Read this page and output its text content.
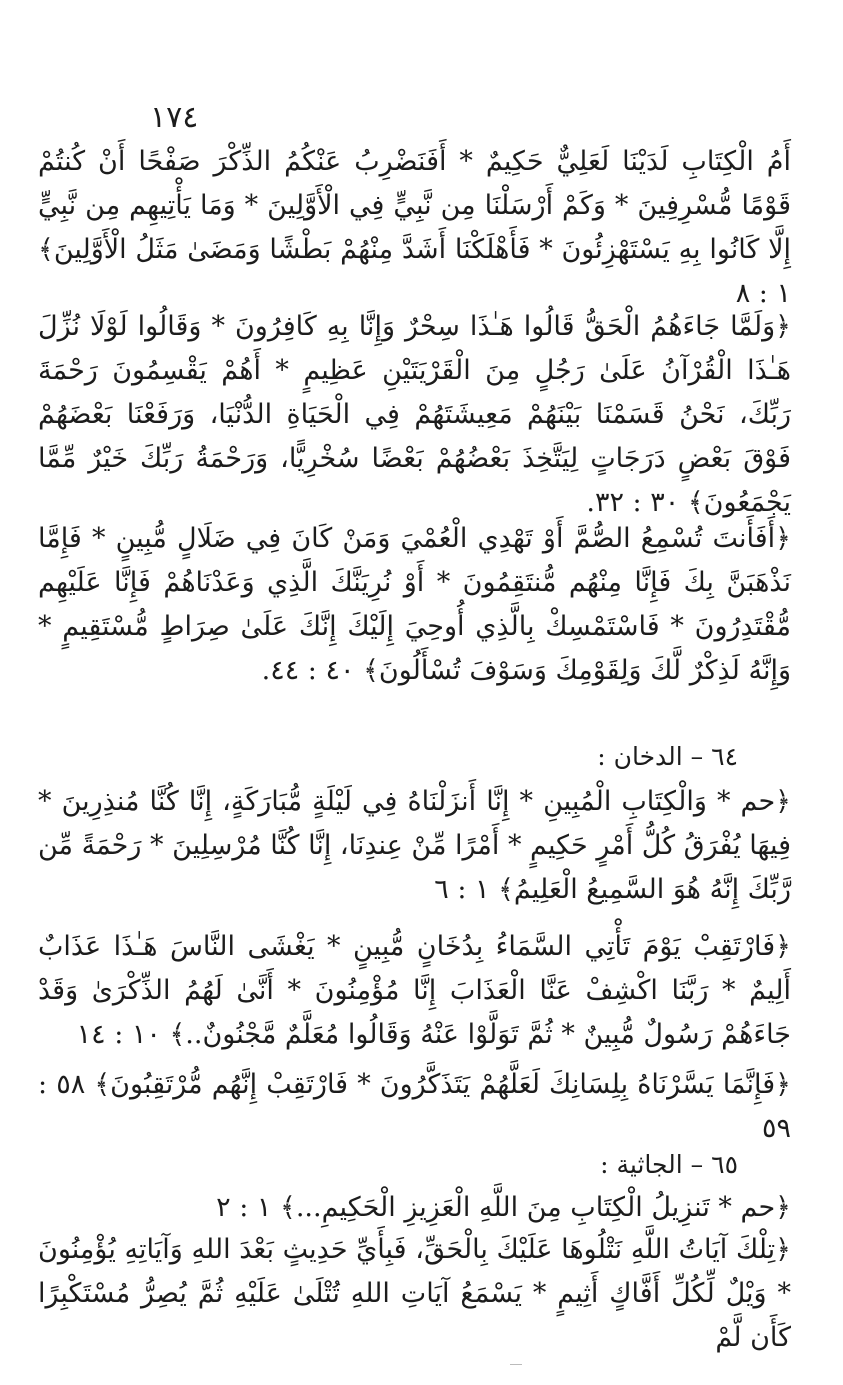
١٧٤

أَمُ الْكِتَابِ لَدَيْنَا لَعَلِيٌّ حَكِيمٌ * أَفَنَضْرِبُ عَنْكُمُ الذِّكْرَ صَفْحًا أَنْ كُنتُمْ قَوْمًا مُّسْرِفِينَ * وَكَمْ أَرْسَلْنَا مِن نَّبِيٍّ فِي الْأَوَّلِينَ * وَمَا يَأْتِيهِم مِن نَّبِيٍّ إِلَّا كَانُوا بِهِ يَسْتَهْزِئُونَ * فَأَهْلَكْنَا أَشَدَّ مِنْهُمْ بَطْشًا وَمَضَىٰ مَثَلُ الْأَوَّلِينَ﴾ ١ : ٨

﴿وَلَمَّا جَاءَهُمُ الْحَقُّ قَالُوا هَـٰذَا سِحْرٌ وَإِنَّا بِهِ كَافِرُونَ * وَقَالُوا لَوْلَا نُزِّلَ هَـٰذَا الْقُرْآنُ عَلَىٰ رَجُلٍ مِنَ الْقَرْيَتَيْنِ عَظِيمٍ * أَهُمْ يَقْسِمُونَ رَحْمَةَ رَبِّكَ، نَحْنُ قَسَمْنَا بَيْنَهُمْ مَعِيشَتَهُمْ فِي الْحَيَاةِ الدُّنْيَا، وَرَفَعْنَا بَعْضَهُمْ فَوْقَ بَعْضٍ دَرَجَاتٍ لِيَتَّخِذَ بَعْضُهُمْ بَعْضًا سُخْرِيًّا، وَرَحْمَةُ رَبِّكَ خَيْرٌ مِّمَّا يَجْمَعُونَ﴾ ٣٠ : ٣٢.

﴿أَفَأَنتَ تُسْمِعُ الصُّمَّ أَوْ تَهْدِي الْعُمْيَ وَمَنْ كَانَ فِي ضَلَالٍ مُّبِينٍ * فَإِمَّا نَذْهَبَنَّ بِكَ فَإِنَّا مِنْهُم مُّنتَقِمُونَ * أَوْ نُرِيَنَّكَ الَّذِي وَعَدْنَاهُمْ فَإِنَّا عَلَيْهِم مُّقْتَدِرُونَ * فَاسْتَمْسِكْ بِالَّذِي أُوحِيَ إِلَيْكَ إِنَّكَ عَلَىٰ صِرَاطٍ مُّسْتَقِيمٍ * وَإِنَّهُ لَذِكْرٌ لَّكَ وَلِقَوْمِكَ وَسَوْفَ تُسْأَلُونَ﴾ ٤٠ : ٤٤.

٦٤ – الدخان :

﴿حم * وَالْكِتَابِ الْمُبِينِ * إِنَّا أَنزَلْنَاهُ فِي لَيْلَةٍ مُّبَارَكَةٍ، إِنَّا كُنَّا مُنذِرِينَ * فِيهَا يُفْرَقُ كُلُّ أَمْرٍ حَكِيمٍ * أَمْرًا مِّنْ عِندِنَا، إِنَّا كُنَّا مُرْسِلِينَ * رَحْمَةً مِّن رَّبِّكَ إِنَّهُ هُوَ السَّمِيعُ الْعَلِيمُ﴾ ١ : ٦

﴿فَارْتَقِبْ يَوْمَ تَأْتِي السَّمَاءُ بِدُخَانٍ مُّبِينٍ * يَغْشَى النَّاسَ هَـٰذَا عَذَابٌ أَلِيمٌ * رَبَّنَا اكْشِفْ عَنَّا الْعَذَابَ إِنَّا مُؤْمِنُونَ * أَنَّىٰ لَهُمُ الذِّكْرَىٰ وَقَدْ جَاءَهُمْ رَسُولٌ مُّبِينٌ * ثُمَّ تَوَلَّوْا عَنْهُ وَقَالُوا مُعَلَّمٌ مَّجْنُونٌ..﴾ ١٠ : ١٤

﴿فَإِنَّمَا يَسَّرْنَاهُ بِلِسَانِكَ لَعَلَّهُمْ يَتَذَكَّرُونَ * فَارْتَقِبْ إِنَّهُم مُّرْتَقِبُونَ﴾ ٥٨ : ٥٩

٦٥ – الجاثية :

﴿حم * تَنزِيلُ الْكِتَابِ مِنَ اللَّهِ الْعَزِيزِ الْحَكِيمِ...﴾ ١ : ٢

﴿تِلْكَ آيَاتُ اللَّهِ نَتْلُوهَا عَلَيْكَ بِالْحَقِّ، فَبِأَيِّ حَدِيثٍ بَعْدَ اللهِ وَآيَاتِهِ يُؤْمِنُونَ * وَيْلٌ لِّكُلِّ أَفَّاكٍ أَثِيمٍ * يَسْمَعُ آيَاتِ اللهِ تُتْلَىٰ عَلَيْهِ ثُمَّ يُصِرُّ مُسْتَكْبِرًا كَأَن لَّمْ
